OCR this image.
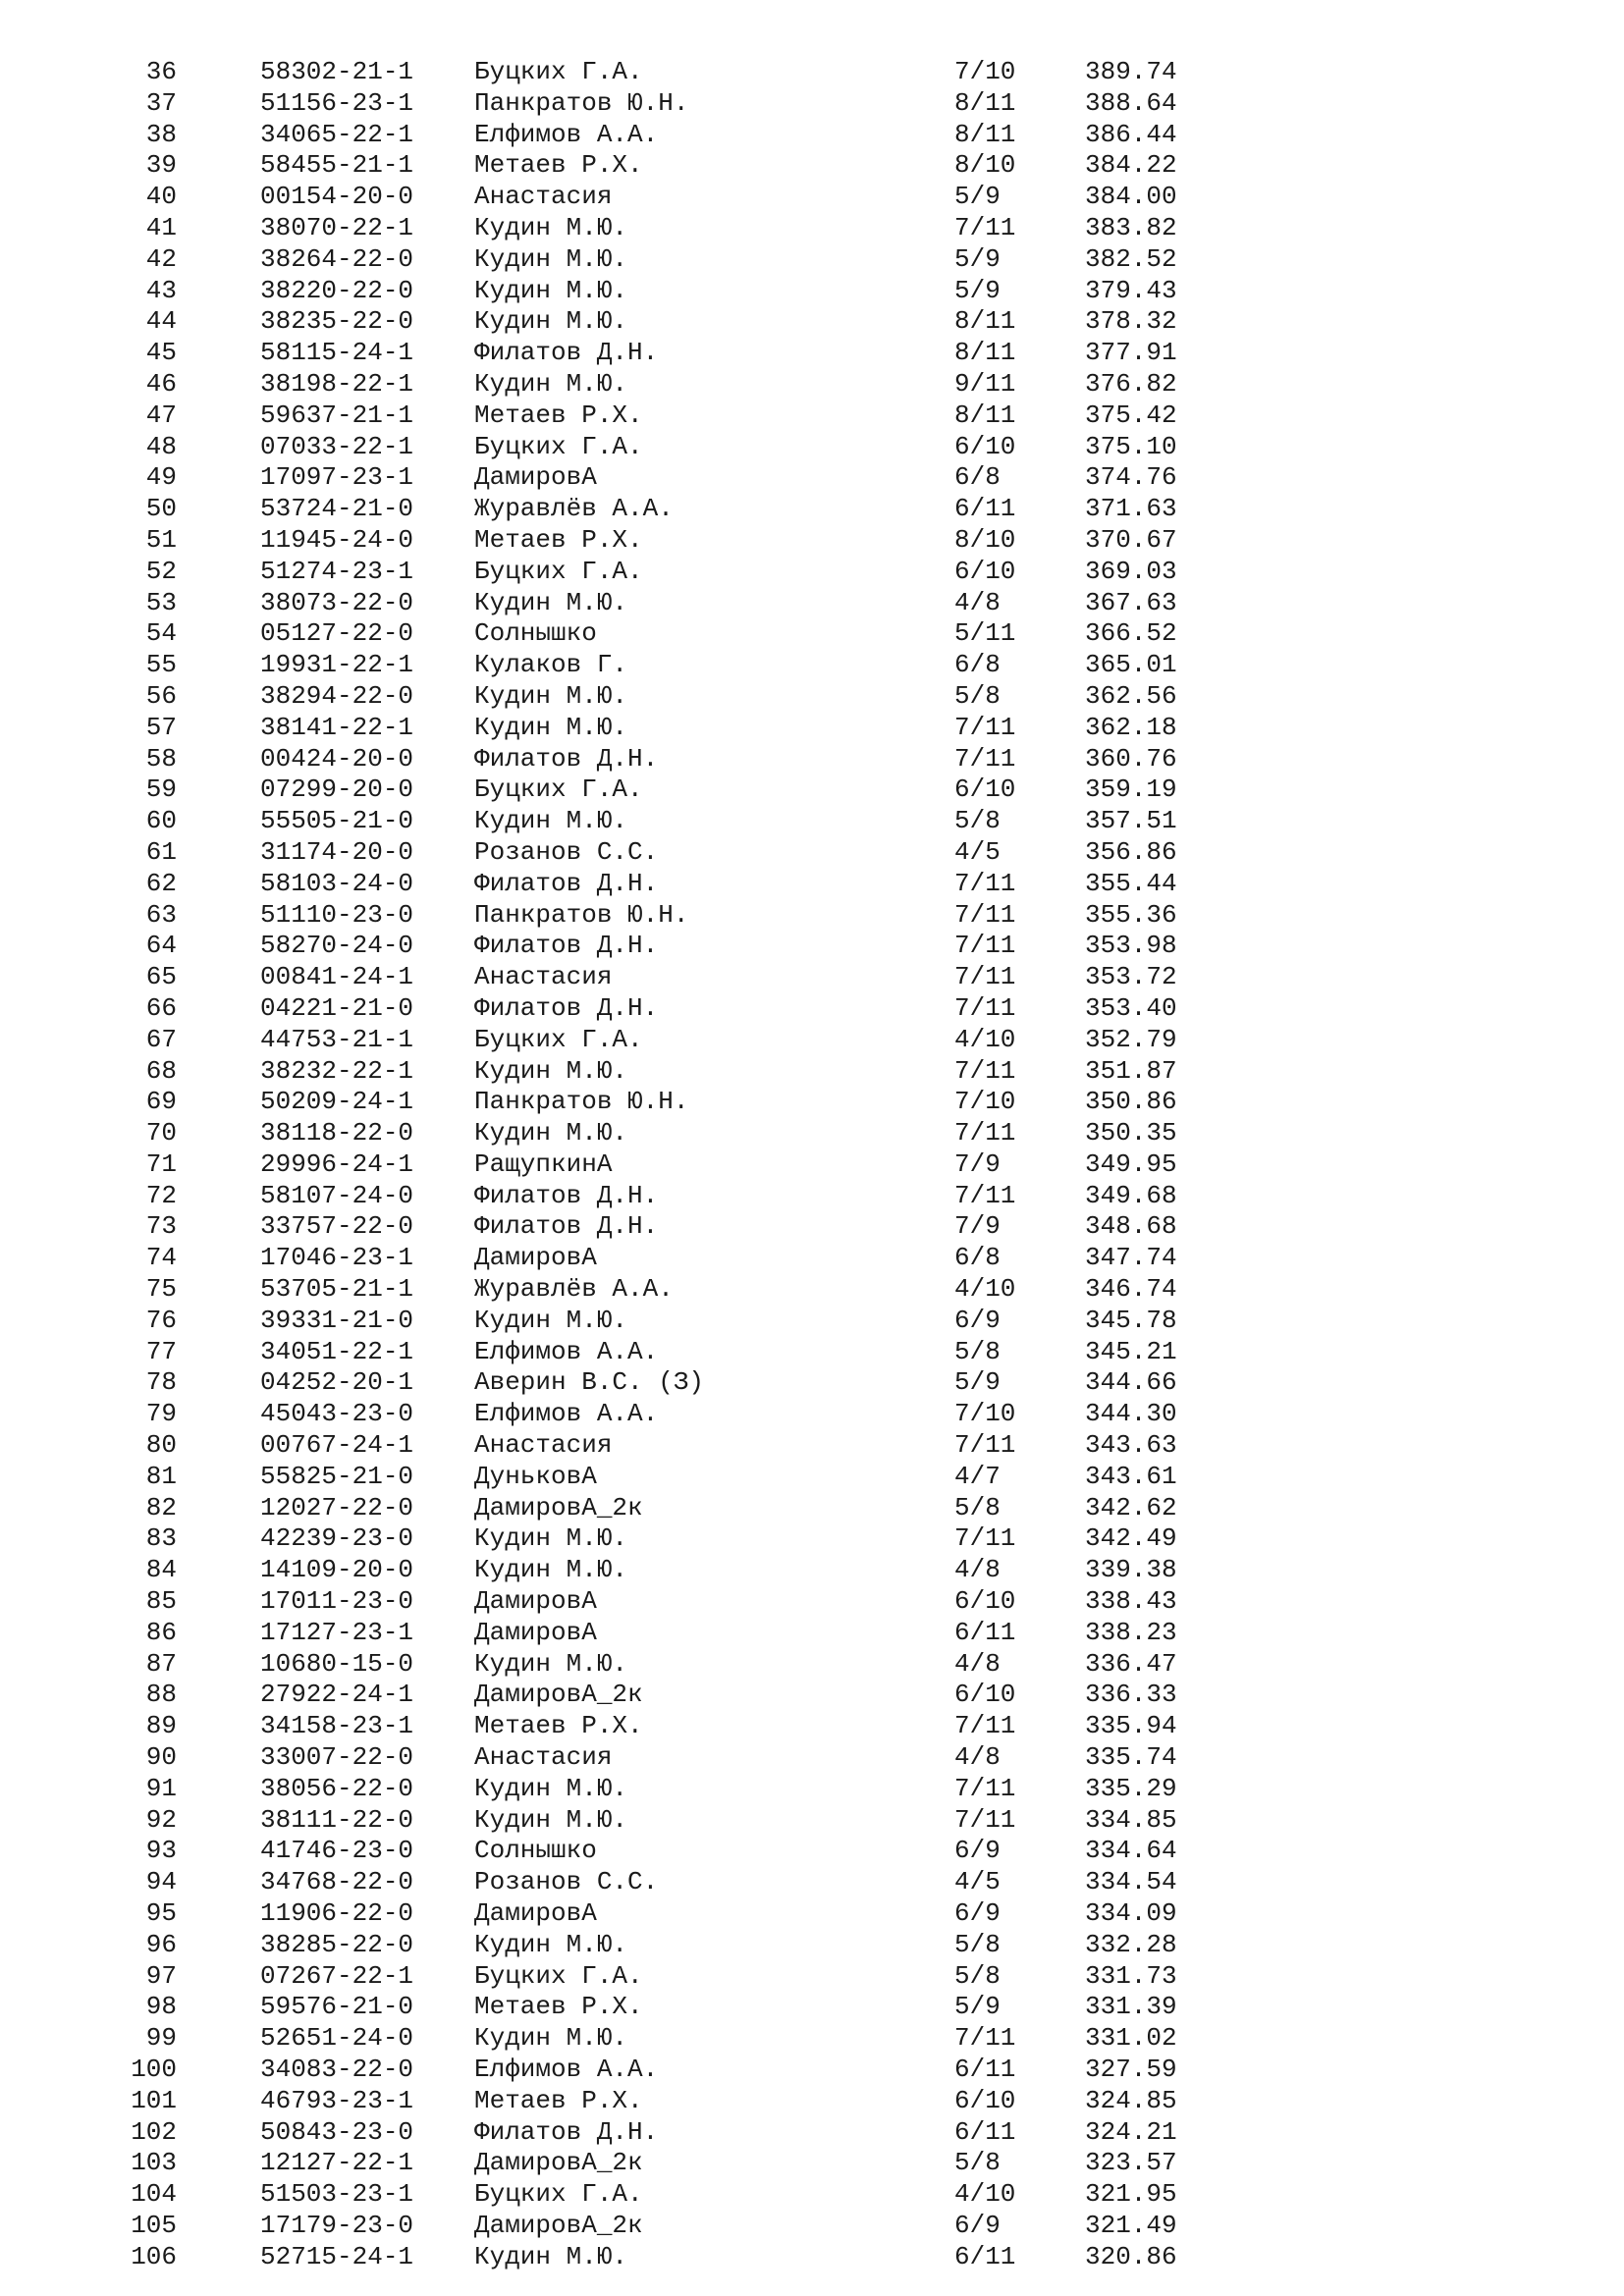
36	58302-21-1 Буцких Г.А.	7/10	389.74
37	51156-23-1 Панкратов Ю.Н.	8/11	388.64
38	34065-22-1 Елфимов А.А.	8/11	386.44
39	58455-21-1 Метаев Р.Х.	8/10	384.22
40	00154-20-0 Анастасия	5/9	384.00
41	38070-22-1 Кудин М.Ю.	7/11	383.82
42	38264-22-0 Кудин М.Ю.	5/9	382.52
43	38220-22-0 Кудин М.Ю.	5/9	379.43
44	38235-22-0 Кудин М.Ю.	8/11	378.32
45	58115-24-1 Филатов Д.Н.	8/11	377.91
46	38198-22-1 Кудин М.Ю.	9/11	376.82
47	59637-21-1 Метаев Р.Х.	8/11	375.42
48	07033-22-1 Буцких Г.А.	6/10	375.10
49	17097-23-1 ДамировА	6/8	374.76
50	53724-21-0 Журавлёв А.А.	6/11	371.63
51	11945-24-0 Метаев Р.Х.	8/10	370.67
52	51274-23-1 Буцких Г.А.	6/10	369.03
53	38073-22-0 Кудин М.Ю.	4/8	367.63
54	05127-22-0 Солнышко	5/11	366.52
55	19931-22-1 Кулаков Г.	6/8	365.01
56	38294-22-0 Кудин М.Ю.	5/8	362.56
57	38141-22-1 Кудин М.Ю.	7/11	362.18
58	00424-20-0 Филатов Д.Н.	7/11	360.76
59	07299-20-0 Буцких Г.А.	6/10	359.19
60	55505-21-0 Кудин М.Ю.	5/8	357.51
61	31174-20-0 Розанов С.С.	4/5	356.86
62	58103-24-0 Филатов Д.Н.	7/11	355.44
63	51110-23-0 Панкратов Ю.Н.	7/11	355.36
64	58270-24-0 Филатов Д.Н.	7/11	353.98
65	00841-24-1 Анастасия	7/11	353.72
66	04221-21-0 Филатов Д.Н.	7/11	353.40
67	44753-21-1 Буцких Г.А.	4/10	352.79
68	38232-22-1 Кудин М.Ю.	7/11	351.87
69	50209-24-1 Панкратов Ю.Н.	7/10	350.86
70	38118-22-0 Кудин М.Ю.	7/11	350.35
71	29996-24-1 РащупкинА	7/9	349.95
72	58107-24-0 Филатов Д.Н.	7/11	349.68
73	33757-22-0 Филатов Д.Н.	7/9	348.68
74	17046-23-1 ДамировА	6/8	347.74
75	53705-21-1 Журавлёв А.А.	4/10	346.74
76	39331-21-0 Кудин М.Ю.	6/9	345.78
77	34051-22-1 Елфимов А.А.	5/8	345.21
78	04252-20-1 Аверин В.С. (З)	5/9	344.66
79	45043-23-0 Елфимов А.А.	7/10	344.30
80	00767-24-1 Анастасия	7/11	343.63
81	55825-21-0 ДуньковА	4/7	343.61
82	12027-22-0 ДамировА_2к	5/8	342.62
83	42239-23-0 Кудин М.Ю.	7/11	342.49
84	14109-20-0 Кудин М.Ю.	4/8	339.38
85	17011-23-0 ДамировА	6/10	338.43
86	17127-23-1 ДамировА	6/11	338.23
87	10680-15-0 Кудин М.Ю.	4/8	336.47
88	27922-24-1 ДамировА_2к	6/10	336.33
89	34158-23-1 Метаев Р.Х.	7/11	335.94
90	33007-22-0 Анастасия	4/8	335.74
91	38056-22-0 Кудин М.Ю.	7/11	335.29
92	38111-22-0 Кудин М.Ю.	7/11	334.85
93	41746-23-0 Солнышко	6/9	334.64
94	34768-22-0 Розанов С.С.	4/5	334.54
95	11906-22-0 ДамировА	6/9	334.09
96	38285-22-0 Кудин М.Ю.	5/8	332.28
97	07267-22-1 Буцких Г.А.	5/8	331.73
98	59576-21-0 Метаев Р.Х.	5/9	331.39
99	52651-24-0 Кудин М.Ю.	7/11	331.02
100	34083-22-0 Елфимов А.А.	6/11	327.59
101	46793-23-1 Метаев Р.Х.	6/10	324.85
102	50843-23-0 Филатов Д.Н.	6/11	324.21
103	12127-22-1 ДамировА_2к	5/8	323.57
104	51503-23-1 Буцких Г.А.	4/10	321.95
105	17179-23-0 ДамировА_2к	6/9	321.49
106	52715-24-1 Кудин М.Ю.	6/11	320.86
